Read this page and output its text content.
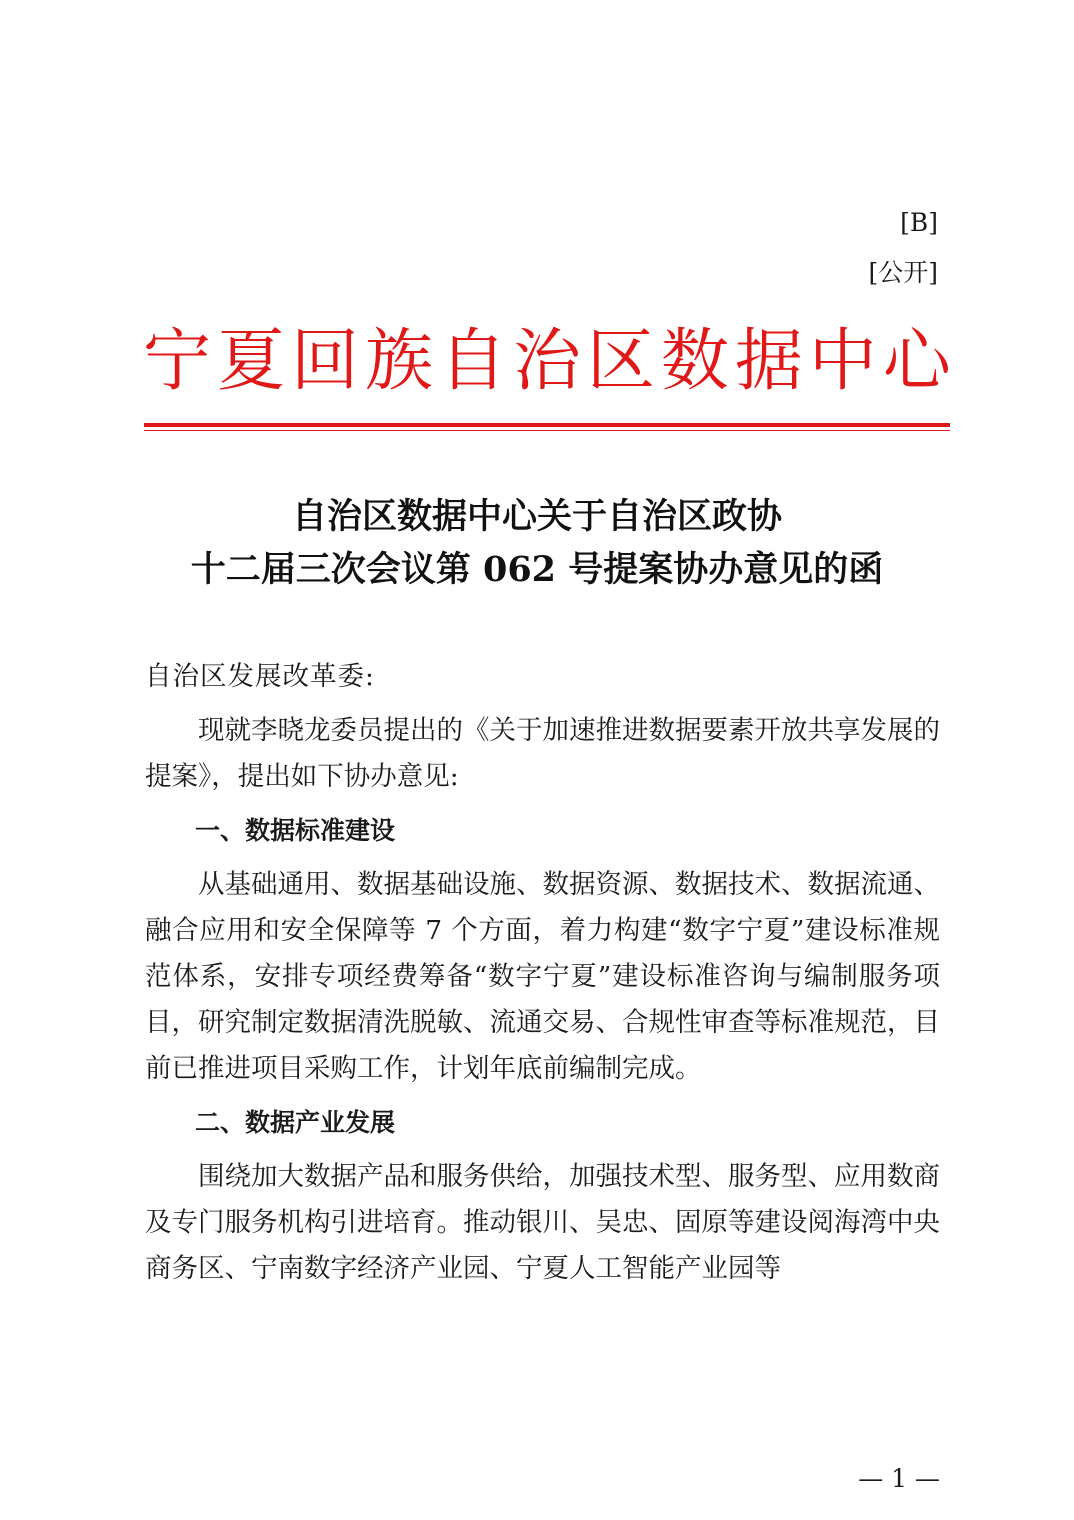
[B]
[公开]
宁 夏 回 族 自 治 区 数 据 中 心
自治区数据中心关于自治区政协
十二届三次会议第 062 号提案协办意见的函

自治区发展改革委:

现就李晓龙委员提出的《关于加速推进数据要素开放共享发展的提案》，提出如下协办意见:

一、数据标准建设

从基础通用、数据基础设施、数据资源、数据技术、数据流通、融合应用和安全保障等 7 个方面，着力构建“数字宁夏”建设标准规范体系，安排专项经费筹备“数字宁夏”建设标准咨询与编制服务项目，研究制定数据清洗脱敏、流通交易、合规性审查等标准规范，目前已推进项目采购工作，计划年底前编制完成。

二、数据产业发展

围绕加大数据产品和服务供给，加强技术型、服务型、应用数商及专门服务机构引进培育。推动银川、吴忠、固原等建设阅海湾中央商务区、宁南数字经济产业园、宁夏人工智能产业园等

— 1 —
